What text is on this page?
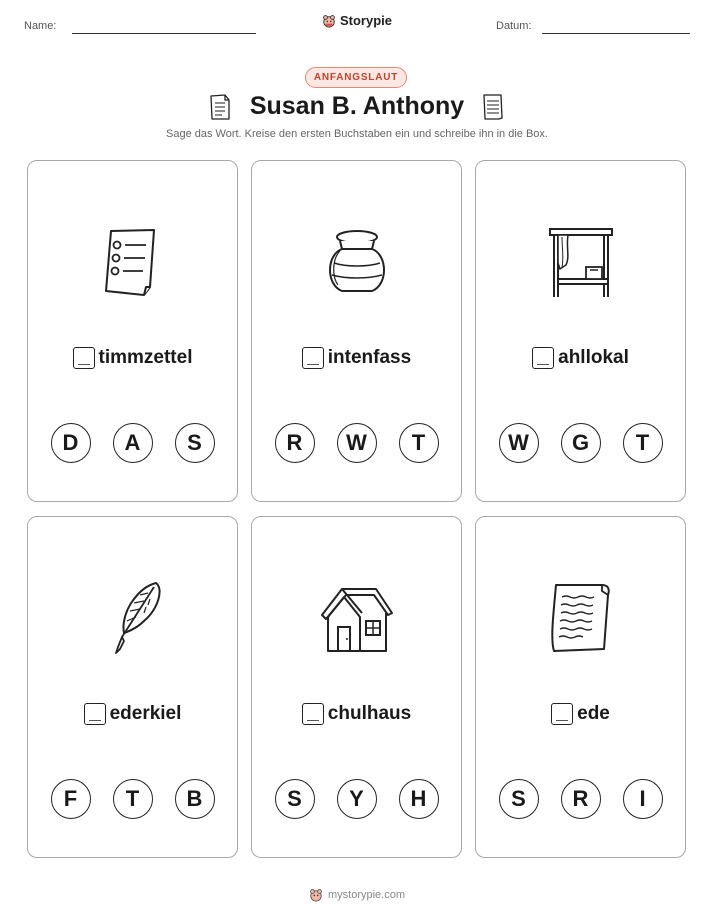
Name:	Storypie	Datum:
ANFANGSLAUT
Susan B. Anthony
Sage das Wort. Kreise den ersten Buchstaben ein und schreibe ihn in die Box.
timmzettel
D	A	S
intenfass
R	W	T
ahllokal
W	G	T
ederkiel
F	T	B
chulhaus
S	Y	H
ede
S	R	I
mystorypie.com
